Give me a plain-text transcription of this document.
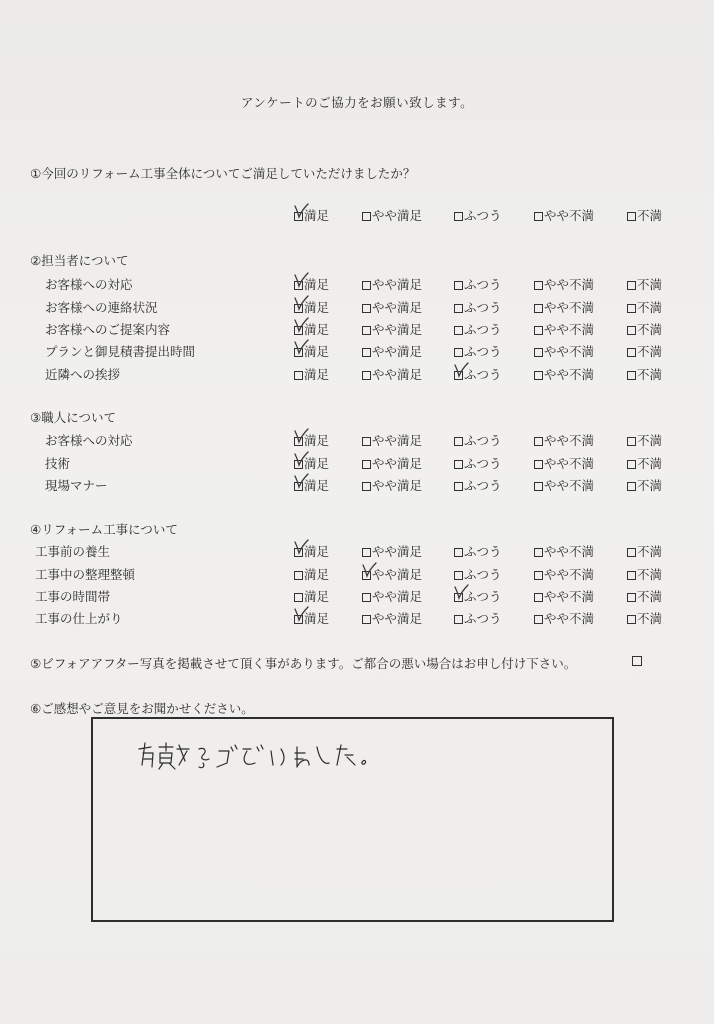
アンケートのご協力をお願い致します。
①今回のリフォーム工事全体についてご満足していただけましたか？
②担当者について
③職人について
④リフォーム工事について
満足	やや満足	ふつう	やや不満	不満
お客様への対応	満足	やや満足	ふつう	やや不満	不満
お客様への連絡状況	満足	やや満足	ふつう	やや不満	不満
お客様へのご提案内容	満足	やや満足	ふつう	やや不満	不満
プランと御見積書提出時間	満足	やや満足	ふつう	やや不満	不満
近隣への挨拶	満足	やや満足	ふつう	やや不満	不満
お客様への対応	満足	やや満足	ふつう	やや不満	不満
技術	満足	やや満足	ふつう	やや不満	不満
現場マナー	満足	やや満足	ふつう	やや不満	不満
工事前の養生	満足	やや満足	ふつう	やや不満	不満
工事中の整理整頓	満足	やや満足	ふつう	やや不満	不満
工事の時間帯	満足	やや満足	ふつう	やや不満	不満
工事の仕上がり	満足	やや満足	ふつう	やや不満	不満
⑤ビフォアアフター写真を掲載させて頂く事があります。ご都合の悪い場合はお申し付け下さい。
⑥ご感想やご意見をお聞かせください。
